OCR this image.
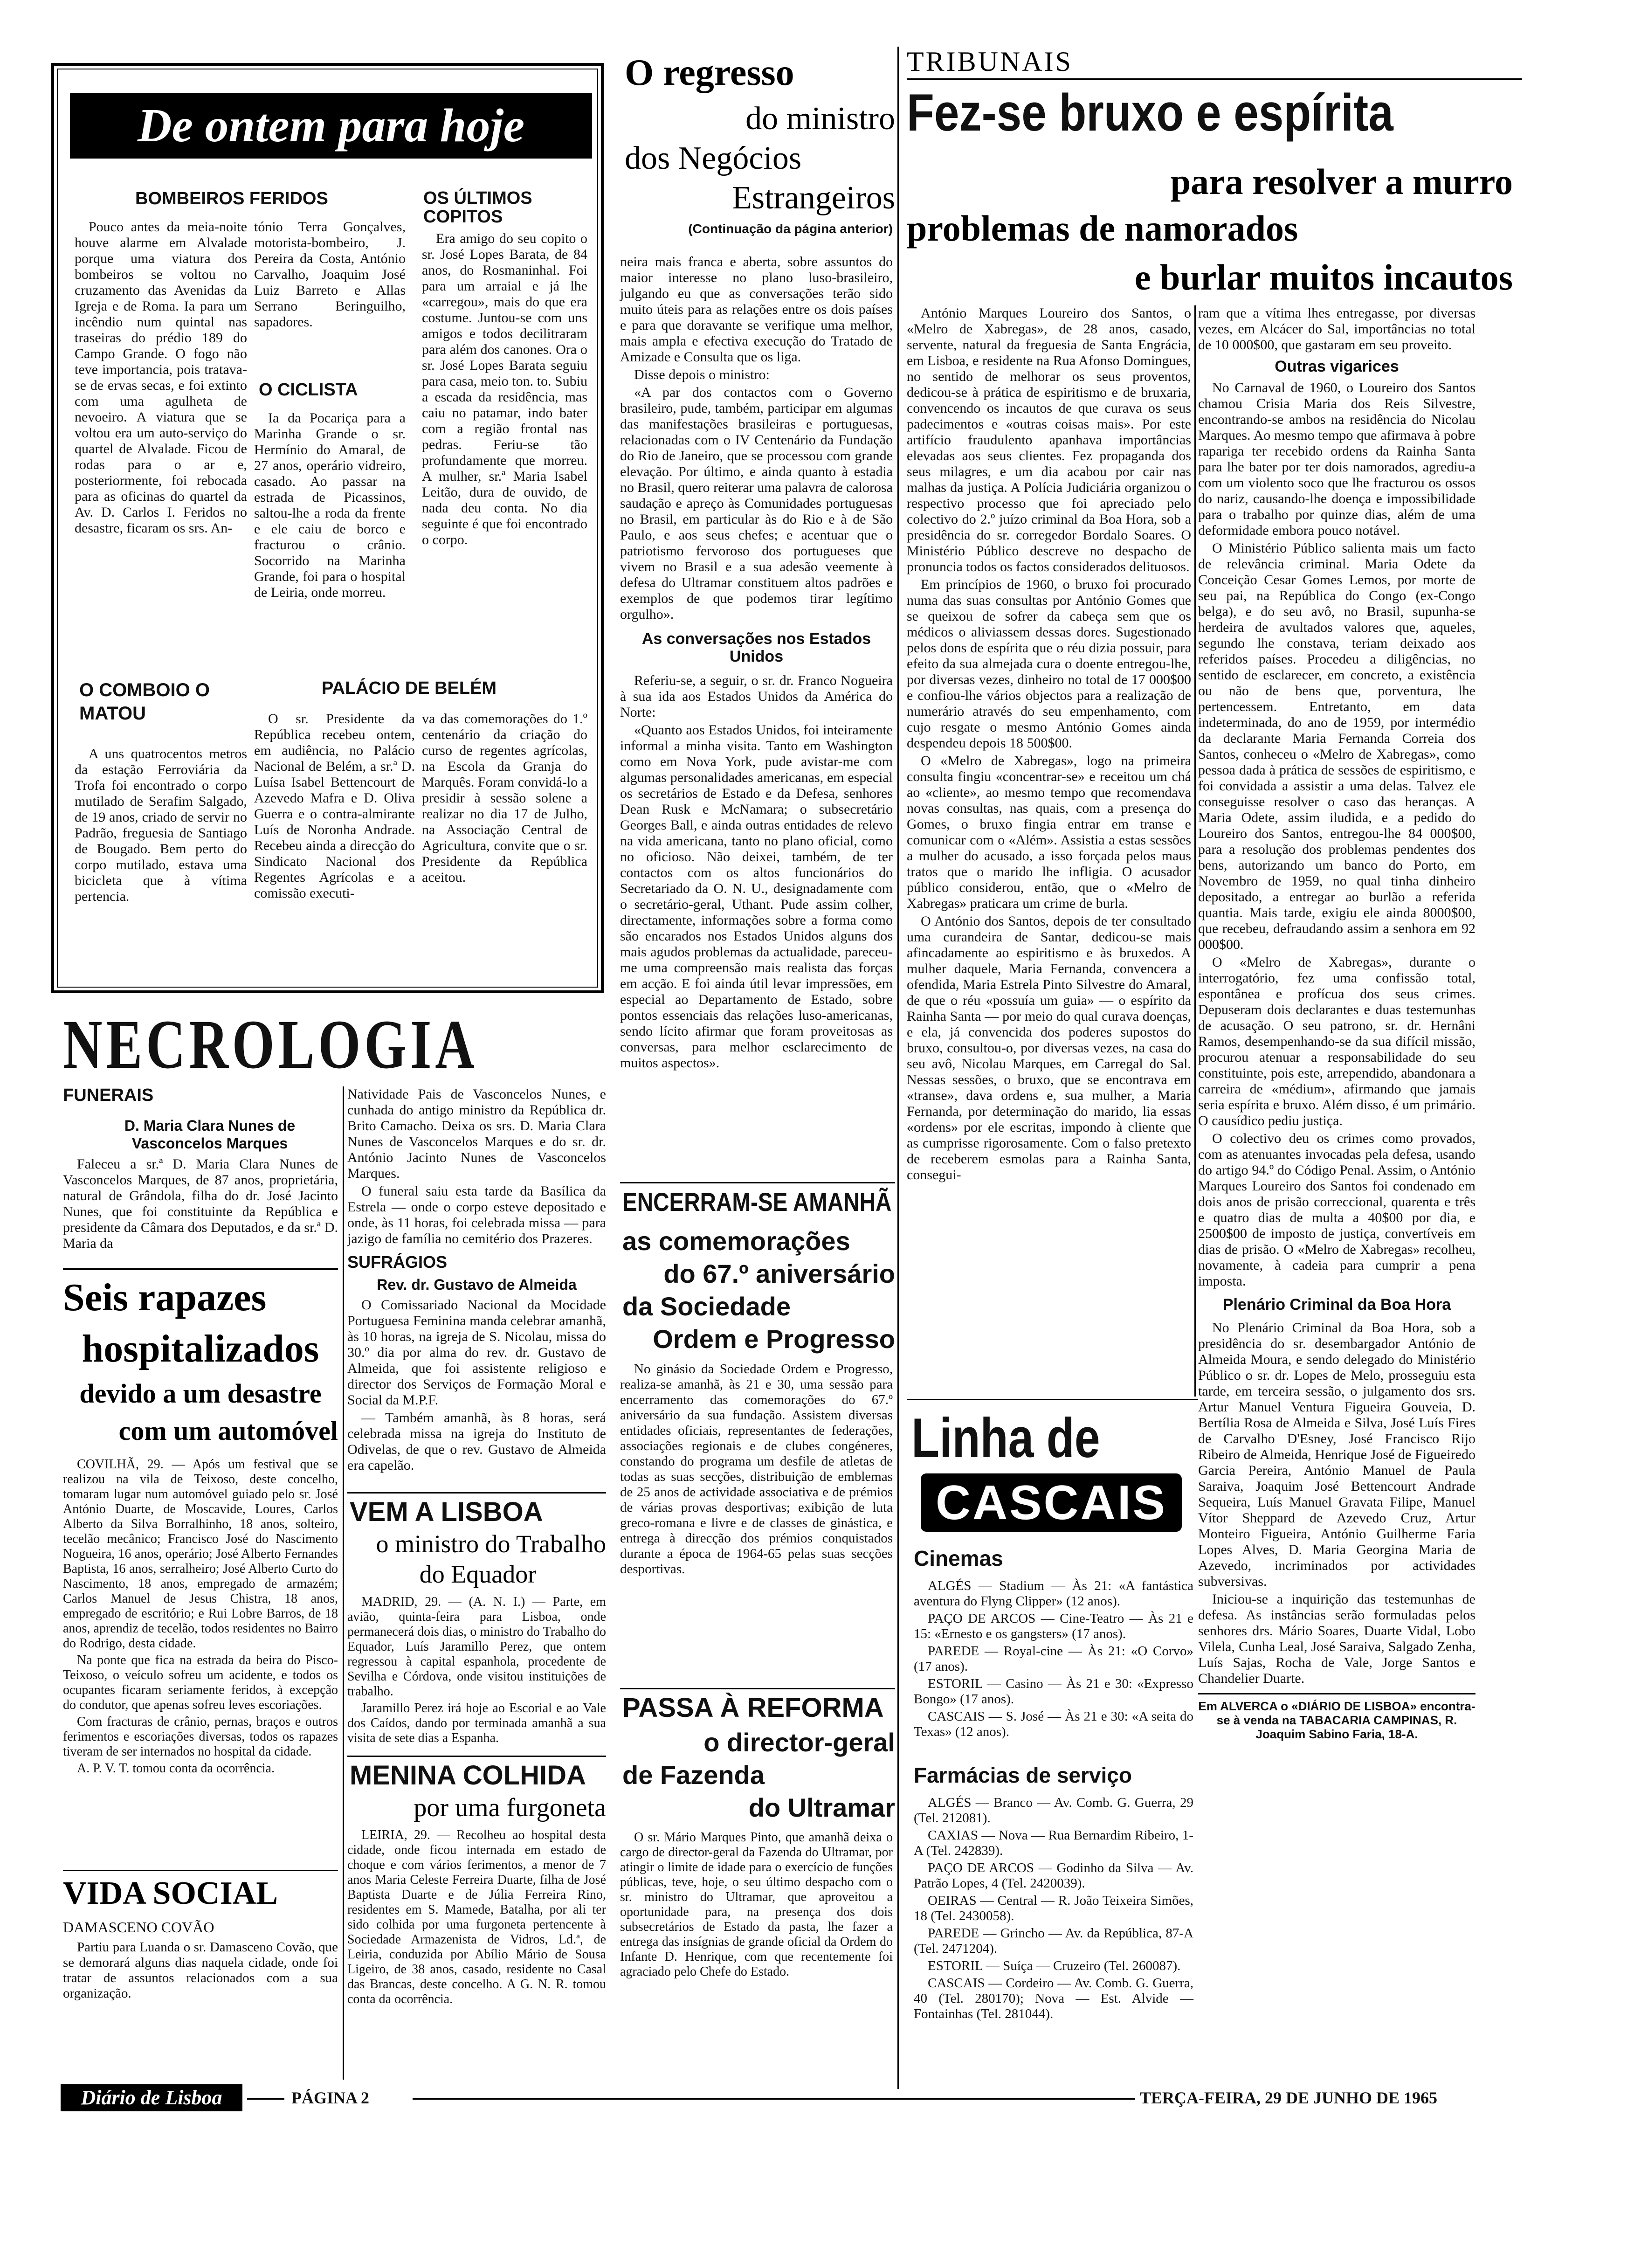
De ontem para hoje
BOMBEIROS FERIDOS

Pouco antes da meia-noite houve alarme em Alvalade porque uma viatura dos bombeiros se voltou no cruzamento das Avenidas da Igreja e de Roma. Ia para um incêndio num quintal nas traseiras do prédio 189 do Campo Grande. O fogo não teve importancia, pois tratava-se de ervas secas, e foi extinto com uma agulheta de nevoeiro. A viatura que se voltou era um auto-serviço do quartel de Alvalade. Ficou de rodas para o ar e, posteriormente, foi rebocada para as oficinas do quartel da Av. D. Carlos I. Feridos no desastre, ficaram os srs. An-

tónio Terra Gonçalves, motorista-bombeiro, J. Pereira da Costa, António Carvalho, Joaquim José Luiz Barreto e Allas Serrano Beringuilho, sapadores.

O CICLISTA

Ia da Pocariça para a Marinha Grande o sr. Hermínio do Amaral, de 27 anos, operário vidreiro, casado. Ao passar na estrada de Picassinos, saltou-lhe a roda da frente e ele caiu de borco e fracturou o crânio. Socorrido na Marinha Grande, foi para o hospital de Leiria, onde morreu.

OS ÚLTIMOS COPITOS

Era amigo do seu copito o sr. José Lopes Barata, de 84 anos, do Rosmaninhal. Foi para um arraial e já lhe «carregou», mais do que era costume. Juntou-se com uns amigos e todos decilitraram para além dos canones. Ora o sr. José Lopes Barata seguiu para casa, meio ton. to. Subiu a escada da residência, mas caiu no patamar, indo bater com a região frontal nas pedras. Feriu-se tão profundamente que morreu. A mulher, sr.ª Maria Isabel Leitão, dura de ouvido, de nada deu conta. No dia seguinte é que foi encontrado o corpo.

O COMBOIO O MATOU

A uns quatrocentos metros da estação Ferroviária da Trofa foi encontrado o corpo mutilado de Serafim Salgado, de 19 anos, criado de servir no Padrão, freguesia de Santiago de Bougado. Bem perto do corpo mutilado, estava uma bicicleta que à vítima pertencia.

PALÁCIO DE BELÉM

O sr. Presidente da República recebeu ontem, em audiência, no Palácio Nacional de Belém, a sr.ª D. Luísa Isabel Bettencourt de Azevedo Mafra e D. Oliva Guerra e o contra-almirante Luís de Noronha Andrade. Recebeu ainda a direcção do Sindicato Nacional dos Regentes Agrícolas e a comissão executi-

va das comemorações do 1.º centenário da criação do curso de regentes agrícolas, na Escola da Granja do Marquês. Foram convidá-lo a presidir à sessão solene a realizar no dia 17 de Julho, na Associação Central de Agricultura, convite que o sr. Presidente da República aceitou.

O regresso
do ministro
dos Negócios
Estrangeiros
(Continuação da página anterior)

neira mais franca e aberta, sobre assuntos do maior interesse no plano luso-brasileiro, julgando eu que as conversações terão sido muito úteis para as relações entre os dois países e para que doravante se verifique uma melhor, mais ampla e efectiva execução do Tratado de Amizade e Consulta que os liga.

Disse depois o ministro:

«A par dos contactos com o Governo brasileiro, pude, também, participar em algumas das manifestações brasileiras e portuguesas, relacionadas com o IV Centenário da Fundação do Rio de Janeiro, que se processou com grande elevação. Por último, e ainda quanto à estadia no Brasil, quero reiterar uma palavra de calorosa saudação e apreço às Comunidades portuguesas no Brasil, em particular às do Rio e à de São Paulo, e aos seus chefes; e acentuar que o patriotismo fervoroso dos portugueses que vivem no Brasil e a sua adesão veemente à defesa do Ultramar constituem altos padrões e exemplos de que podemos tirar legítimo orgulho».

As conversações nos Estados Unidos

Referiu-se, a seguir, o sr. dr. Franco Nogueira à sua ida aos Estados Unidos da América do Norte:

«Quanto aos Estados Unidos, foi inteiramente informal a minha visita. Tanto em Washington como em Nova York, pude avistar-me com algumas personalidades americanas, em especial os secretários de Estado e da Defesa, senhores Dean Rusk e McNamara; o subsecretário Georges Ball, e ainda outras entidades de relevo na vida americana, tanto no plano oficial, como no oficioso. Não deixei, também, de ter contactos com os altos funcionários do Secretariado da O. N. U., designadamente com o secretário-geral, Uthant. Pude assim colher, directamente, informações sobre a forma como são encarados nos Estados Unidos alguns dos mais agudos problemas da actualidade, pareceu-me uma compreensão mais realista das forças em acção. E foi ainda útil levar impressões, em especial ao Departamento de Estado, sobre pontos essenciais das relações luso-americanas, sendo lícito afirmar que foram proveitosas as conversas, para melhor esclarecimento de muitos aspectos».

TRIBUNAIS
Fez-se bruxo e espírita
para resolver a murro
problemas de namorados
e burlar muitos incautos

António Marques Loureiro dos Santos, o «Melro de Xabregas», de 28 anos, casado, servente, natural da freguesia de Santa Engrácia, em Lisboa, e residente na Rua Afonso Domingues, no sentido de melhorar os seus proventos, dedicou-se à prática de espiritismo e de bruxaria, convencendo os incautos de que curava os seus padecimentos e «outras coisas mais». Por este artifício fraudulento apanhava importâncias elevadas aos seus clientes. Fez propaganda dos seus milagres, e um dia acabou por cair nas malhas da justiça. A Polícia Judiciária organizou o respectivo processo que foi apreciado pelo colectivo do 2.º juízo criminal da Boa Hora, sob a presidência do sr. corregedor Bordalo Soares. O Ministério Público descreve no despacho de pronuncia todos os factos considerados delituosos.

Em princípios de 1960, o bruxo foi procurado numa das suas consultas por António Gomes que se queixou de sofrer da cabeça sem que os médicos o aliviassem dessas dores. Sugestionado pelos dons de espírita que o réu dizia possuir, para efeito da sua almejada cura o doente entregou-lhe, por diversas vezes, dinheiro no total de 17 000$00 e confiou-lhe vários objectos para a realização de numerário através do seu empenhamento, com cujo resgate o mesmo António Gomes ainda despendeu depois 18 500$00.

O «Melro de Xabregas», logo na primeira consulta fingiu «concentrar-se» e receitou um chá ao «cliente», ao mesmo tempo que recomendava novas consultas, nas quais, com a presença do Gomes, o bruxo fingia entrar em transe e comunicar com o «Além». Assistia a estas sessões a mulher do acusado, a isso forçada pelos maus tratos que o marido lhe infligia. O acusador público considerou, então, que o «Melro de Xabregas» praticara um crime de burla.

O António dos Santos, depois de ter consultado uma curandeira de Santar, dedicou-se mais afincadamente ao espiritismo e às bruxedos. A mulher daquele, Maria Fernanda, convencera a ofendida, Maria Estrela Pinto Silvestre do Amaral, de que o réu «possuía um guia» — o espírito da Rainha Santa — por meio do qual curava doenças, e ela, já convencida dos poderes supostos do bruxo, consultou-o, por diversas vezes, na casa do seu avô, Nicolau Marques, em Carregal do Sal. Nessas sessões, o bruxo, que se encontrava em «transe», dava ordens e, sua mulher, a Maria Fernanda, por determinação do marido, lia essas «ordens» por ele escritas, impondo à cliente que as cumprisse rigorosamente. Com o falso pretexto de receberem esmolas para a Rainha Santa, consegui-

ram que a vítima lhes entregasse, por diversas vezes, em Alcácer do Sal, importâncias no total de 10 000$00, que gastaram em seu proveito.

Outras vigarices

No Carnaval de 1960, o Loureiro dos Santos chamou Crisia Maria dos Reis Silvestre, encontrando-se ambos na residência do Nicolau Marques. Ao mesmo tempo que afirmava à pobre rapariga ter recebido ordens da Rainha Santa para lhe bater por ter dois namorados, agrediu-a com um violento soco que lhe fracturou os ossos do nariz, causando-lhe doença e impossibilidade para o trabalho por quinze dias, além de uma deformidade embora pouco notável.

O Ministério Público salienta mais um facto de relevância criminal. Maria Odete da Conceição Cesar Gomes Lemos, por morte de seu pai, na República do Congo (ex-Congo belga), e do seu avô, no Brasil, supunha-se herdeira de avultados valores que, aqueles, segundo lhe constava, teriam deixado aos referidos países. Procedeu a diligências, no sentido de esclarecer, em concreto, a existência ou não de bens que, porventura, lhe pertencessem. Entretanto, em data indeterminada, do ano de 1959, por intermédio da declarante Maria Fernanda Correia dos Santos, conheceu o «Melro de Xabregas», como pessoa dada à prática de sessões de espiritismo, e foi convidada a assistir a uma delas. Talvez ele conseguisse resolver o caso das heranças. A Maria Odete, assim iludida, e a pedido do Loureiro dos Santos, entregou-lhe 84 000$00, para a resolução dos problemas pendentes dos bens, autorizando um banco do Porto, em Novembro de 1959, no qual tinha dinheiro depositado, a entregar ao burlão a referida quantia. Mais tarde, exigiu ele ainda 8000$00, que recebeu, defraudando assim a senhora em 92 000$00.

O «Melro de Xabregas», durante o interrogatório, fez uma confissão total, espontânea e profícua dos seus crimes. Depuseram dois declarantes e duas testemunhas de acusação. O seu patrono, sr. dr. Hernâni Ramos, desempenhando-se da sua difícil missão, procurou atenuar a responsabilidade do seu constituinte, pois este, arrependido, abandonara a carreira de «médium», afirmando que jamais seria espírita e bruxo. Além disso, é um primário. O causídico pediu justiça.

O colectivo deu os crimes como provados, com as atenuantes invocadas pela defesa, usando do artigo 94.º do Código Penal. Assim, o António Marques Loureiro dos Santos foi condenado em dois anos de prisão correccional, quarenta e três e quatro dias de multa a 40$00 por dia, e 2500$00 de imposto de justiça, convertíveis em dias de prisão. O «Melro de Xabregas» recolheu, novamente, à cadeia para cumprir a pena imposta.

Plenário Criminal da Boa Hora

No Plenário Criminal da Boa Hora, sob a presidência do sr. desembargador António de Almeida Moura, e sendo delegado do Ministério Público o sr. dr. Lopes de Melo, prosseguiu esta tarde, em terceira sessão, o julgamento dos srs. Artur Manuel Ventura Figueira Gouveia, D. Bertília Rosa de Almeida e Silva, José Luís Fires de Carvalho D'Esney, José Francisco Rijo Ribeiro de Almeida, Henrique José de Figueiredo Garcia Pereira, António Manuel de Paula Saraiva, Joaquim José Bettencourt Andrade Sequeira, Luís Manuel Gravata Filipe, Manuel Vítor Sheppard de Azevedo Cruz, Artur Monteiro Figueira, António Guilherme Faria Lopes Alves, D. Maria Georgina Maria de Azevedo, incriminados por actividades subversivas.

Iniciou-se a inquirição das testemunhas de defesa. As instâncias serão formuladas pelos senhores drs. Mário Soares, Duarte Vidal, Lobo Vilela, Cunha Leal, José Saraiva, Salgado Zenha, Luís Sajas, Rocha de Vale, Jorge Santos e Chandelier Duarte.

Em ALVERCA o «DIÁRIO DE LISBOA» encontra-se à venda na TABACARIA CAMPINAS, R. Joaquim Sabino Faria, 18-A.

NECROLOGIA
FUNERAIS
D. Maria Clara Nunes de Vasconcelos Marques

Faleceu a sr.ª D. Maria Clara Nunes de Vasconcelos Marques, de 87 anos, proprietária, natural de Grândola, filha do dr. José Jacinto Nunes, que foi constituinte da República e presidente da Câmara dos Deputados, e da sr.ª D. Maria da

Natividade Pais de Vasconcelos Nunes, e cunhada do antigo ministro da República dr. Brito Camacho. Deixa os srs. D. Maria Clara Nunes de Vasconcelos Marques e do sr. dr. António Jacinto Nunes de Vasconcelos Marques.

O funeral saiu esta tarde da Basílica da Estrela — onde o corpo esteve depositado e onde, às 11 horas, foi celebrada missa — para jazigo de família no cemitério dos Prazeres.

SUFRÁGIOS
Rev. dr. Gustavo de Almeida

O Comissariado Nacional da Mocidade Portuguesa Feminina manda celebrar amanhã, às 10 horas, na igreja de S. Nicolau, missa do 30.º dia por alma do rev. dr. Gustavo de Almeida, que foi assistente religioso e director dos Serviços de Formação Moral e Social da M.P.F.

— Também amanhã, às 8 horas, será celebrada missa na igreja do Instituto de Odivelas, de que o rev. Gustavo de Almeida era capelão.

Seis rapazes
hospitalizados
devido a um desastre
com um automóvel

COVILHÃ, 29. — Após um festival que se realizou na vila de Teixoso, deste concelho, tomaram lugar num automóvel guiado pelo sr. José António Duarte, de Moscavide, Loures, Carlos Alberto da Silva Borralhinho, 18 anos, solteiro, tecelão mecânico; Francisco José do Nascimento Nogueira, 16 anos, operário; José Alberto Fernandes Baptista, 16 anos, serralheiro; José Alberto Curto do Nascimento, 18 anos, empregado de armazém; Carlos Manuel de Jesus Chistra, 18 anos, empregado de escritório; e Rui Lobre Barros, de 18 anos, aprendiz de tecelão, todos residentes no Bairro do Rodrigo, desta cidade.

Na ponte que fica na estrada da beira do Pisco-Teixoso, o veículo sofreu um acidente, e todos os ocupantes ficaram seriamente feridos, à excepção do condutor, que apenas sofreu leves escoriações.

Com fracturas de crânio, pernas, braços e outros ferimentos e escoriações diversas, todos os rapazes tiveram de ser internados no hospital da cidade.

A. P. V. T. tomou conta da ocorrência.

VIDA SOCIAL
DAMASCENO COVÃO

Partiu para Luanda o sr. Damasceno Covão, que se demorará alguns dias naquela cidade, onde foi tratar de assuntos relacionados com a sua organização.

VEM A LISBOA
o ministro do Trabalho
do Equador

MADRID, 29. — (A. N. I.) — Parte, em avião, quinta-feira para Lisboa, onde permanecerá dois dias, o ministro do Trabalho do Equador, Luís Jaramillo Perez, que ontem regressou à capital espanhola, procedente de Sevilha e Córdova, onde visitou instituições de trabalho.

Jaramillo Perez irá hoje ao Escorial e ao Vale dos Caídos, dando por terminada amanhã a sua visita de sete dias a Espanha.

MENINA COLHIDA
por uma furgoneta

LEIRIA, 29. — Recolheu ao hospital desta cidade, onde ficou internada em estado de choque e com vários ferimentos, a menor de 7 anos Maria Celeste Ferreira Duarte, filha de José Baptista Duarte e de Júlia Ferreira Rino, residentes em S. Mamede, Batalha, por ali ter sido colhida por uma furgoneta pertencente à Sociedade Armazenista de Vidros, Ld.ª, de Leiria, conduzida por Abílio Mário de Sousa Ligeiro, de 38 anos, casado, residente no Casal das Brancas, deste concelho. A G. N. R. tomou conta da ocorrência.

ENCERRAM-SE AMANHÃ
as comemorações
do 67.º aniversário
da Sociedade
Ordem e Progresso

No ginásio da Sociedade Ordem e Progresso, realiza-se amanhã, às 21 e 30, uma sessão para encerramento das comemorações do 67.º aniversário da sua fundação. Assistem diversas entidades oficiais, representantes de federações, associações regionais e de clubes congéneres, constando do programa um desfile de atletas de todas as suas secções, distribuição de emblemas de 25 anos de actividade associativa e de prémios de várias provas desportivas; exibição de luta greco-romana e livre e de classes de ginástica, e entrega à direcção dos prémios conquistados durante a época de 1964-65 pelas suas secções desportivas.

PASSA À REFORMA
o director-geral
de Fazenda
do Ultramar

O sr. Mário Marques Pinto, que amanhã deixa o cargo de director-geral da Fazenda do Ultramar, por atingir o limite de idade para o exercício de funções públicas, teve, hoje, o seu último despacho com o sr. ministro do Ultramar, que aproveitou a oportunidade para, na presença dos dois subsecretários de Estado da pasta, lhe fazer a entrega das insígnias de grande oficial da Ordem do Infante D. Henrique, com que recentemente foi agraciado pelo Chefe do Estado.

Linha de
CASCAIS
Cinemas

ALGÉS — Stadium — Às 21: «A fantástica aventura do Flyng Clipper» (12 anos).

PAÇO DE ARCOS — Cine-Teatro — Às 21 e 15: «Ernesto e os gangsters» (17 anos).

PAREDE — Royal-cine — Às 21: «O Corvo» (17 anos).

ESTORIL — Casino — Às 21 e 30: «Expresso Bongo» (17 anos).

CASCAIS — S. José — Às 21 e 30: «A seita do Texas» (12 anos).

Farmácias de serviço

ALGÉS — Branco — Av. Comb. G. Guerra, 29 (Tel. 212081).

CAXIAS — Nova — Rua Bernardim Ribeiro, 1-A (Tel. 242839).

PAÇO DE ARCOS — Godinho da Silva — Av. Patrão Lopes, 4 (Tel. 2420039).

OEIRAS — Central — R. João Teixeira Simões, 18 (Tel. 2430058).

PAREDE — Grincho — Av. da República, 87-A (Tel. 2471204).

ESTORIL — Suíça — Cruzeiro (Tel. 260087).

CASCAIS — Cordeiro — Av. Comb. G. Guerra, 40 (Tel. 280170); Nova — Est. Alvide — Fontainhas (Tel. 281044).

Diário de Lisboa	PÁGINA 2	TERÇA-FEIRA, 29 DE JUNHO DE 1965
